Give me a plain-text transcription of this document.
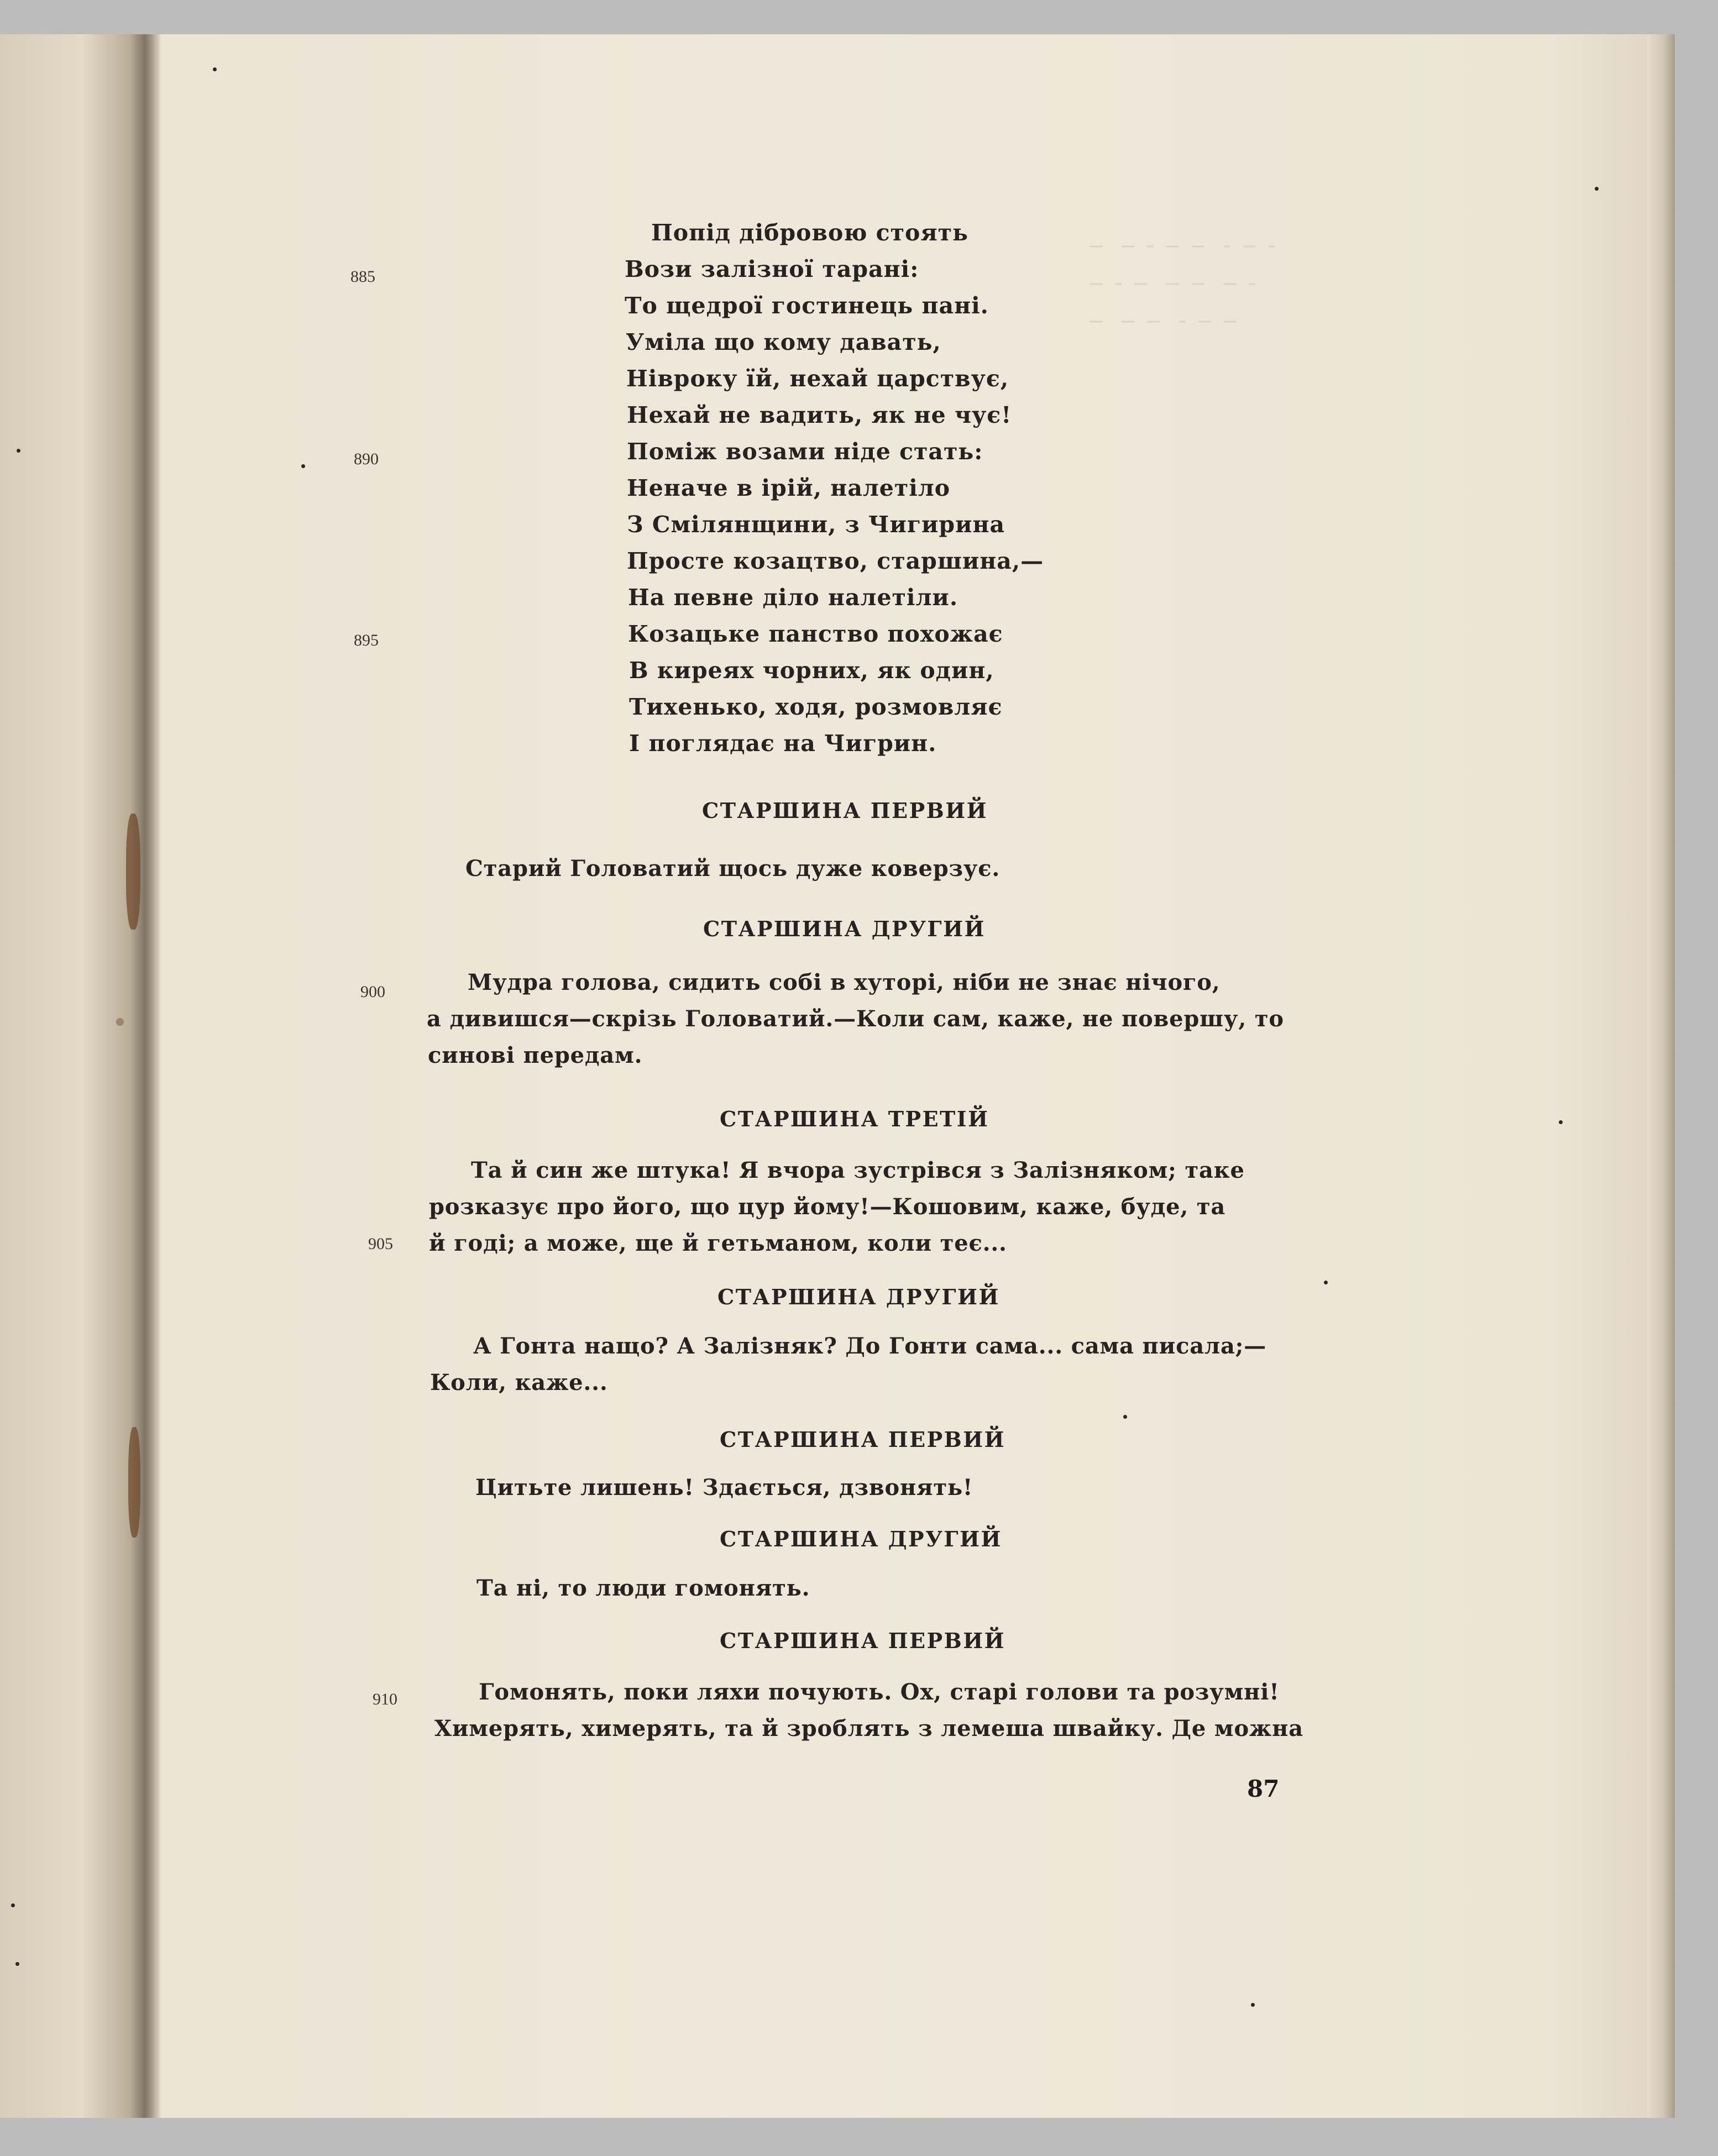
╶╴ ╶╴╶ ╶╴╶╴ ╶ ╶╴╶
╶╴╶ ╶╴ ╶╴╶╴ ╶╴╶
╶╴ ╶╴╶╴ ╶ ╶╴╶╴
885
890
895
900
905
910
Попід дібровою стоять
Вози залізної тарані:
То щедрої гостинець пані.
Уміла що кому давать,
Нівроку їй, нехай царствує,
Нехай не вадить, як не чує!
Поміж возами ніде стать:
Неначе в ірій, налетіло
З Смілянщини, з Чигирина
Просте козацтво, старшина,—
На певне діло налетіли.
Козацьке панство похожає
В киреях чорних, як один,
Тихенько, ходя, розмовляє
І поглядає на Чигрин.
СТАРШИНА ПЕРВИЙ
Старий Головатий щось дуже коверзує.
СТАРШИНА ДРУГИЙ
Мудра голова, сидить собі в хуторі, ніби не знає нічого,
а дивишся—скрізь Головатий.—Коли сам, каже, не повершу, то
синові передам.
СТАРШИНА ТРЕТІЙ
Та й син же штука! Я вчора зустрівся з Залізняком; таке
розказує про його, що цур йому!—Кошовим, каже, буде, та
й годі; а може, ще й гетьманом, коли теє...
СТАРШИНА ДРУГИЙ
А Гонта нащо? А Залізняк? До Гонти сама... сама писала;—
Коли, каже...
СТАРШИНА ПЕРВИЙ
Цитьте лишень! Здається, дзвонять!
СТАРШИНА ДРУГИЙ
Та ні, то люди гомонять.
СТАРШИНА ПЕРВИЙ
Гомонять, поки ляхи почують. Ох, старі голови та розумні!
Химерять, химерять, та й зроблять з лемеша швайку. Де можна
87
